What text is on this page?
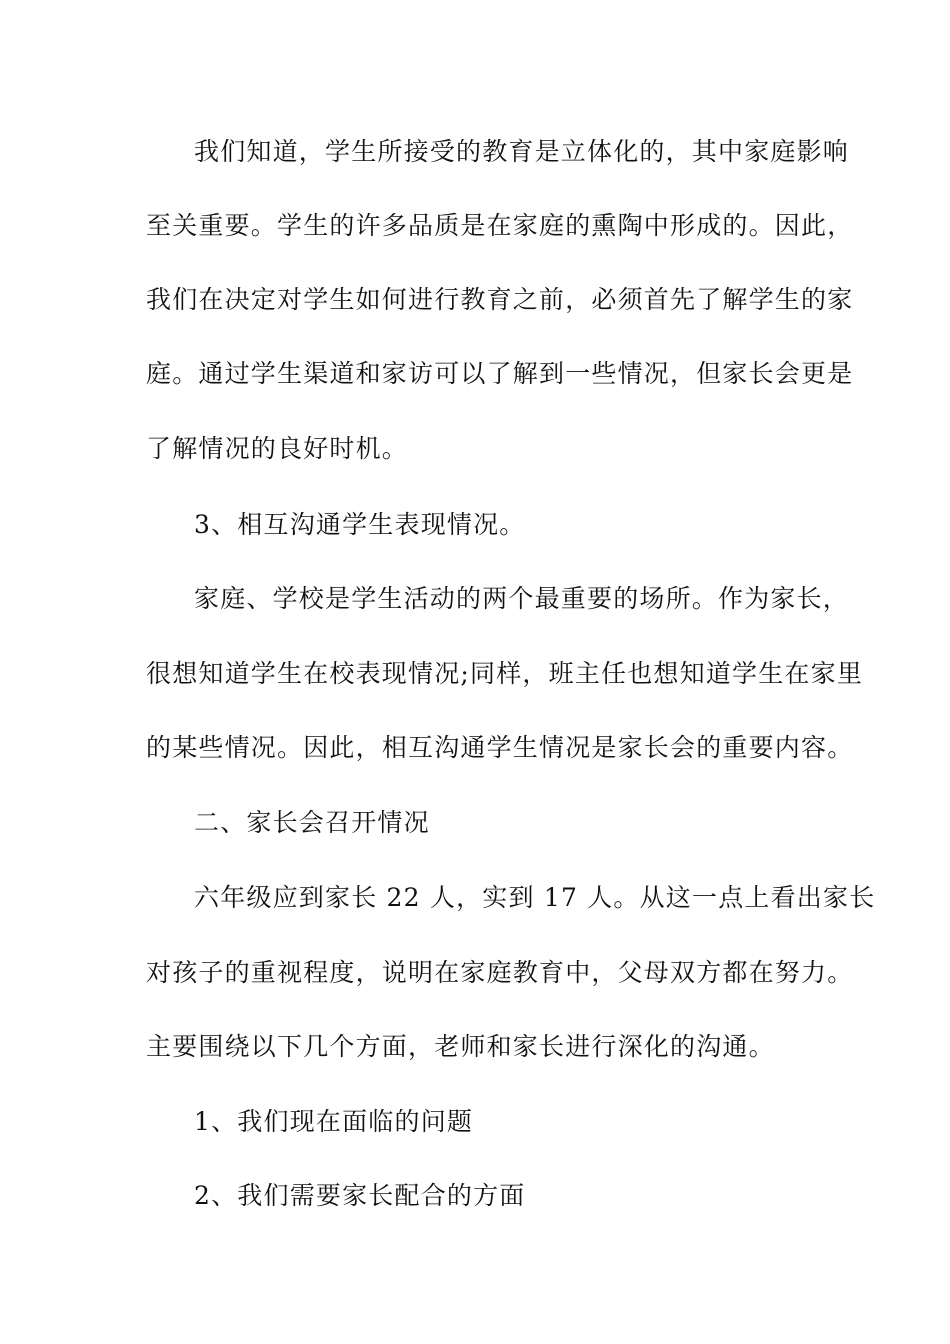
我们知道，学生所接受的教育是立体化的，其中家庭影响
至关重要。学生的许多品质是在家庭的熏陶中形成的。因此，
我们在决定对学生如何进行教育之前，必须首先了解学生的家
庭。通过学生渠道和家访可以了解到一些情况，但家长会更是
了解情况的良好时机。
3、相互沟通学生表现情况。
家庭、学校是学生活动的两个最重要的场所。作为家长，
很想知道学生在校表现情况;同样，班主任也想知道学生在家里
的某些情况。因此，相互沟通学生情况是家长会的重要内容。
二、家长会召开情况
六年级应到家长 22 人，实到 17 人。从这一点上看出家长
对孩子的重视程度，说明在家庭教育中，父母双方都在努力。
主要围绕以下几个方面，老师和家长进行深化的沟通。
1、我们现在面临的问题
2、我们需要家长配合的方面
